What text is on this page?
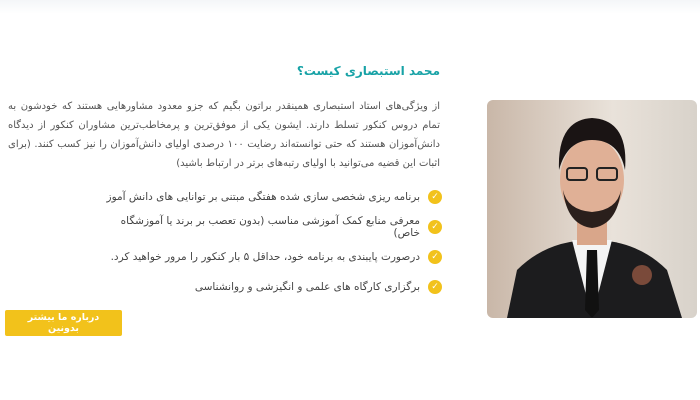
محمد استبصاری کیست؟
از ویژگی‌های استاد استبصاری همینقدر براتون بگیم که جزو معدود مشاورهایی هستند که خودشون به تمام دروس کنکور تسلط دارند. ایشون یکی از موفق‌ترین و پرمخاطب‌ترین مشاوران کنکور از دیدگاه دانش‌آموزان هستند که حتی توانسته‌اند رضایت ۱۰۰ درصدی اولیای دانش‌آموزان را نیز کسب کنند. (برای اثبات این قضیه می‌توانید با اولیای رتبه‌های برتر در ارتباط باشید)
✓
برنامه ریزی شخصی سازی شده هفتگی مبتنی بر توانایی های دانش آموز
✓
معرفی منابع کمک آموزشی مناسب (بدون تعصب بر برند یا آموزشگاه خاص)
✓
درصورت پایبندی به برنامه خود، حداقل ۵ بار کنکور را مرور خواهید کرد.
✓
برگزاری کارگاه های علمی و انگیزشی و روانشناسی
درباره ما بیشتر بدونین
